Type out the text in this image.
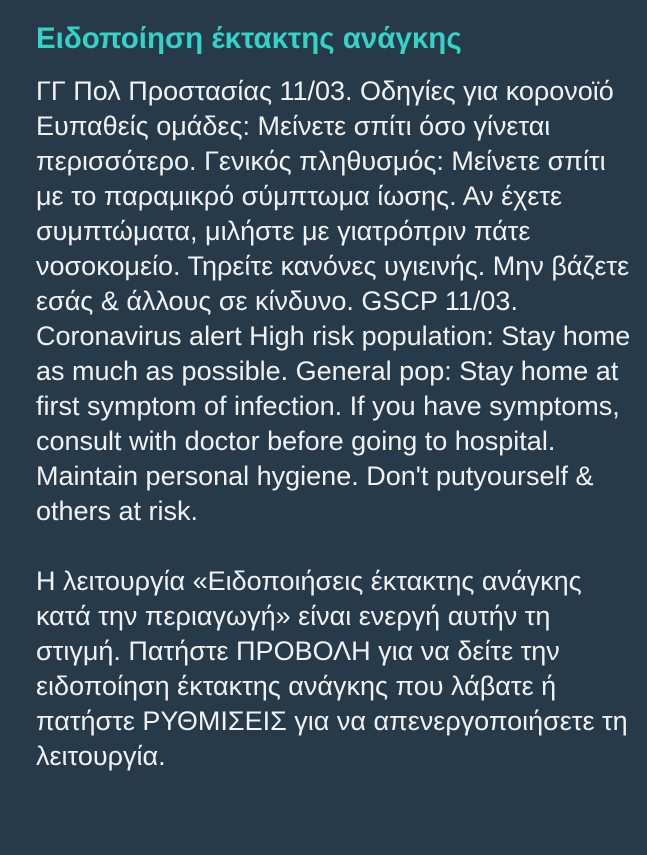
Ειδοποίηση έκτακτης ανάγκης

ΓΓ Πολ Προστασίας 11/03. Οδηγίες για κορονοϊό Ευπαθείς ομάδες: Μείνετε σπίτι όσο γίνεται περισσότερο. Γενικός πληθυσμός: Μείνετε σπίτι με το παραμικρό σύμπτωμα ίωσης. Αν έχετε συμπτώματα, μιλήστε με γιατρόπριν πάτε νοσοκομείο. Τηρείτε κανόνες υγιεινής. Μην βάζετε εσάς & άλλους σε κίνδυνο. GSCP 11/03. Coronavirus alert High risk population: Stay home as much as possible. General pop: Stay home at first symptom of infection. If you have symptoms, consult with doctor before going to hospital. Maintain personal hygiene. Don't putyourself & others at risk.

Η λειτουργία «Ειδοποιήσεις έκτακτης ανάγκης κατά την περιαγωγή» είναι ενεργή αυτήν τη στιγμή. Πατήστε ΠΡΟΒΟΛΗ για να δείτε την ειδοποίηση έκτακτης ανάγκης που λάβατε ή πατήστε ΡΥΘΜΙΣΕΙΣ για να απενεργοποιήσετε τη λειτουργία.
